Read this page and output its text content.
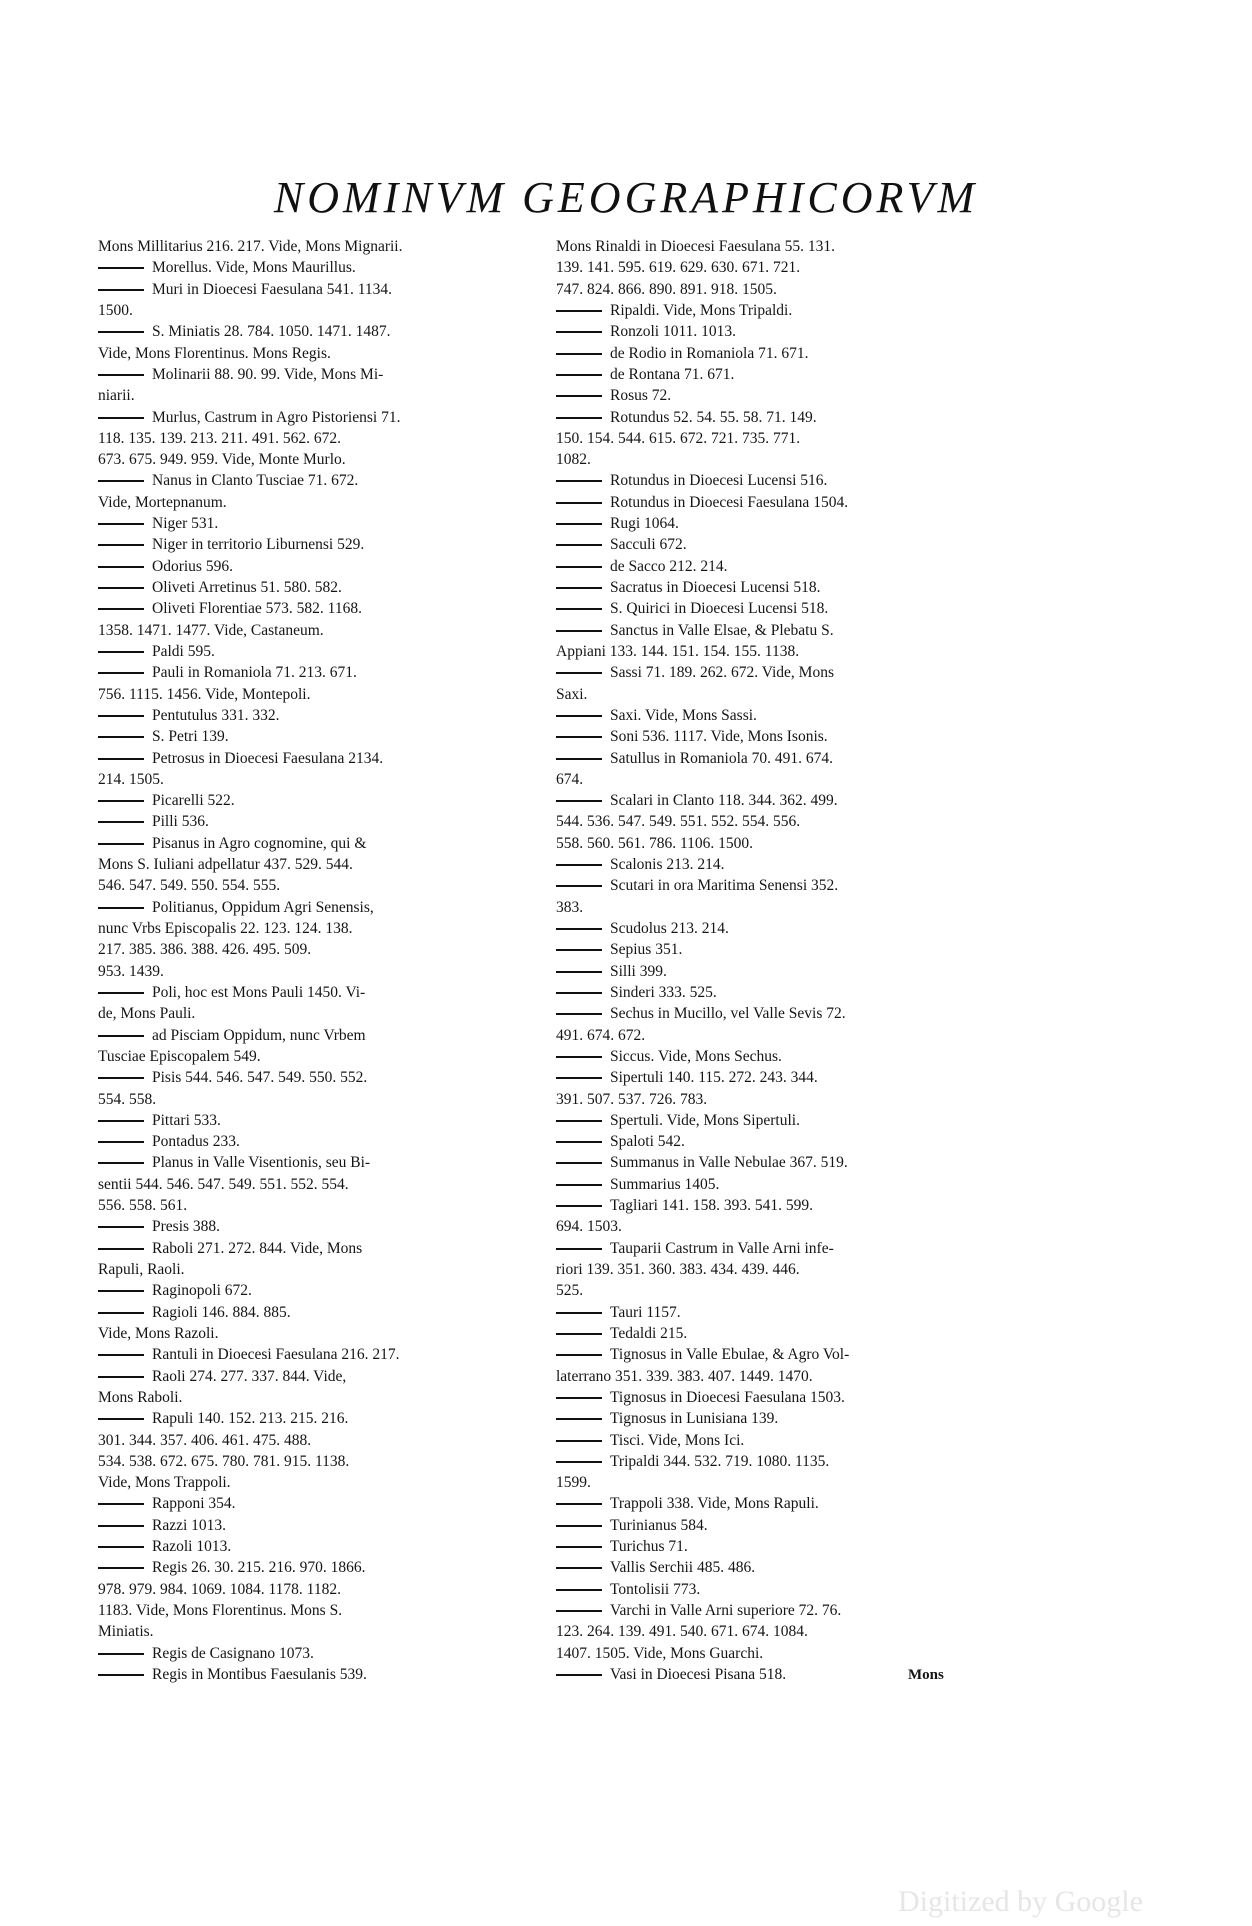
NOMINVM GEOGRAPHICORVM
Mons Millitarius 216. 217. Vide, Mons Mignarii.
Morellus. Vide, Mons Maurillus.
Muri in Dioecesi Faesulana 541. 1134.
1500.
S. Miniatis 28. 784. 1050. 1471. 1487.
Vide, Mons Florentinus. Mons Regis.
Molinarii 88. 90. 99. Vide, Mons Mi-
niarii.
Murlus, Castrum in Agro Pistoriensi 71.
118. 135. 139. 213. 211. 491. 562. 672.
673. 675. 949. 959. Vide, Monte Murlo.
Nanus in Clanto Tusciae 71. 672.
Vide, Mortepnanum.
Niger 531.
Niger in territorio Liburnensi 529.
Odorius 596.
Oliveti Arretinus 51. 580. 582.
Oliveti Florentiae 573. 582. 1168.
1358. 1471. 1477. Vide, Castaneum.
Paldi 595.
Pauli in Romaniola 71. 213. 671.
756. 1115. 1456. Vide, Montepoli.
Pentutulus 331. 332.
S. Petri 139.
Petrosus in Dioecesi Faesulana 2134.
214. 1505.
Picarelli 522.
Pilli 536.
Pisanus in Agro cognomine, qui &
Mons S. Iuliani adpellatur 437. 529. 544.
546. 547. 549. 550. 554. 555.
Politianus, Oppidum Agri Senensis,
nunc Vrbs Episcopalis 22. 123. 124. 138.
217. 385. 386. 388. 426. 495. 509.
953. 1439.
Poli, hoc est Mons Pauli 1450. Vi-
de, Mons Pauli.
ad Pisciam Oppidum, nunc Vrbem
Tusciae Episcopalem 549.
Pisis 544. 546. 547. 549. 550. 552.
554. 558.
Pittari 533.
Pontadus 233.
Planus in Valle Visentionis, seu Bi-
sentii 544. 546. 547. 549. 551. 552. 554.
556. 558. 561.
Presis 388.
Raboli 271. 272. 844. Vide, Mons
Rapuli, Raoli.
Raginopoli 672.
Ragioli 146. 884. 885.
Vide, Mons Razoli.
Rantuli in Dioecesi Faesulana 216. 217.
Raoli 274. 277. 337. 844. Vide,
Mons Raboli.
Rapuli 140. 152. 213. 215. 216.
301. 344. 357. 406. 461. 475. 488.
534. 538. 672. 675. 780. 781. 915. 1138.
Vide, Mons Trappoli.
Rapponi 354.
Razzi 1013.
Razoli 1013.
Regis 26. 30. 215. 216. 970. 1866.
978. 979. 984. 1069. 1084. 1178. 1182.
1183. Vide, Mons Florentinus. Mons S.
Miniatis.
Regis de Casignano 1073.
Regis in Montibus Faesulanis 539.
Mons Rinaldi in Dioecesi Faesulana 55. 131.
139. 141. 595. 619. 629. 630. 671. 721.
747. 824. 866. 890. 891. 918. 1505.
Ripaldi. Vide, Mons Tripaldi.
Ronzoli 1011. 1013.
de Rodio in Romaniola 71. 671.
de Rontana 71. 671.
Rosus 72.
Rotundus 52. 54. 55. 58. 71. 149.
150. 154. 544. 615. 672. 721. 735. 771.
1082.
Rotundus in Dioecesi Lucensi 516.
Rotundus in Dioecesi Faesulana 1504.
Rugi 1064.
Sacculi 672.
de Sacco 212. 214.
Sacratus in Dioecesi Lucensi 518.
S. Quirici in Dioecesi Lucensi 518.
Sanctus in Valle Elsae, & Plebatu S.
Appiani 133. 144. 151. 154. 155. 1138.
Sassi 71. 189. 262. 672. Vide, Mons
Saxi.
Saxi. Vide, Mons Sassi.
Soni 536. 1117. Vide, Mons Isonis.
Satullus in Romaniola 70. 491. 674.
674.
Scalari in Clanto 118. 344. 362. 499.
544. 536. 547. 549. 551. 552. 554. 556.
558. 560. 561. 786. 1106. 1500.
Scalonis 213. 214.
Scutari in ora Maritima Senensi 352.
383.
Scudolus 213. 214.
Sepius 351.
Silli 399.
Sinderi 333. 525.
Sechus in Mucillo, vel Valle Sevis 72.
491. 674. 672.
Siccus. Vide, Mons Sechus.
Sipertuli 140. 115. 272. 243. 344.
391. 507. 537. 726. 783.
Spertuli. Vide, Mons Sipertuli.
Spaloti 542.
Summanus in Valle Nebulae 367. 519.
Summarius 1405.
Tagliari 141. 158. 393. 541. 599.
694. 1503.
Tauparii Castrum in Valle Arni infe-
riori 139. 351. 360. 383. 434. 439. 446.
525.
Tauri 1157.
Tedaldi 215.
Tignosus in Valle Ebulae, & Agro Vol-
laterrano 351. 339. 383. 407. 1449. 1470.
Tignosus in Dioecesi Faesulana 1503.
Tignosus in Lunisiana 139.
Tisci. Vide, Mons Ici.
Tripaldi 344. 532. 719. 1080. 1135.
1599.
Trappoli 338. Vide, Mons Rapuli.
Turinianus 584.
Turichus 71.
Vallis Serchii 485. 486.
Tontolisii 773.
Varchi in Valle Arni superiore 72. 76.
123. 264. 139. 491. 540. 671. 674. 1084.
1407. 1505. Vide, Mons Guarchi.
Vasi in Dioecesi Pisana 518.	Mons
Digitized by Google
